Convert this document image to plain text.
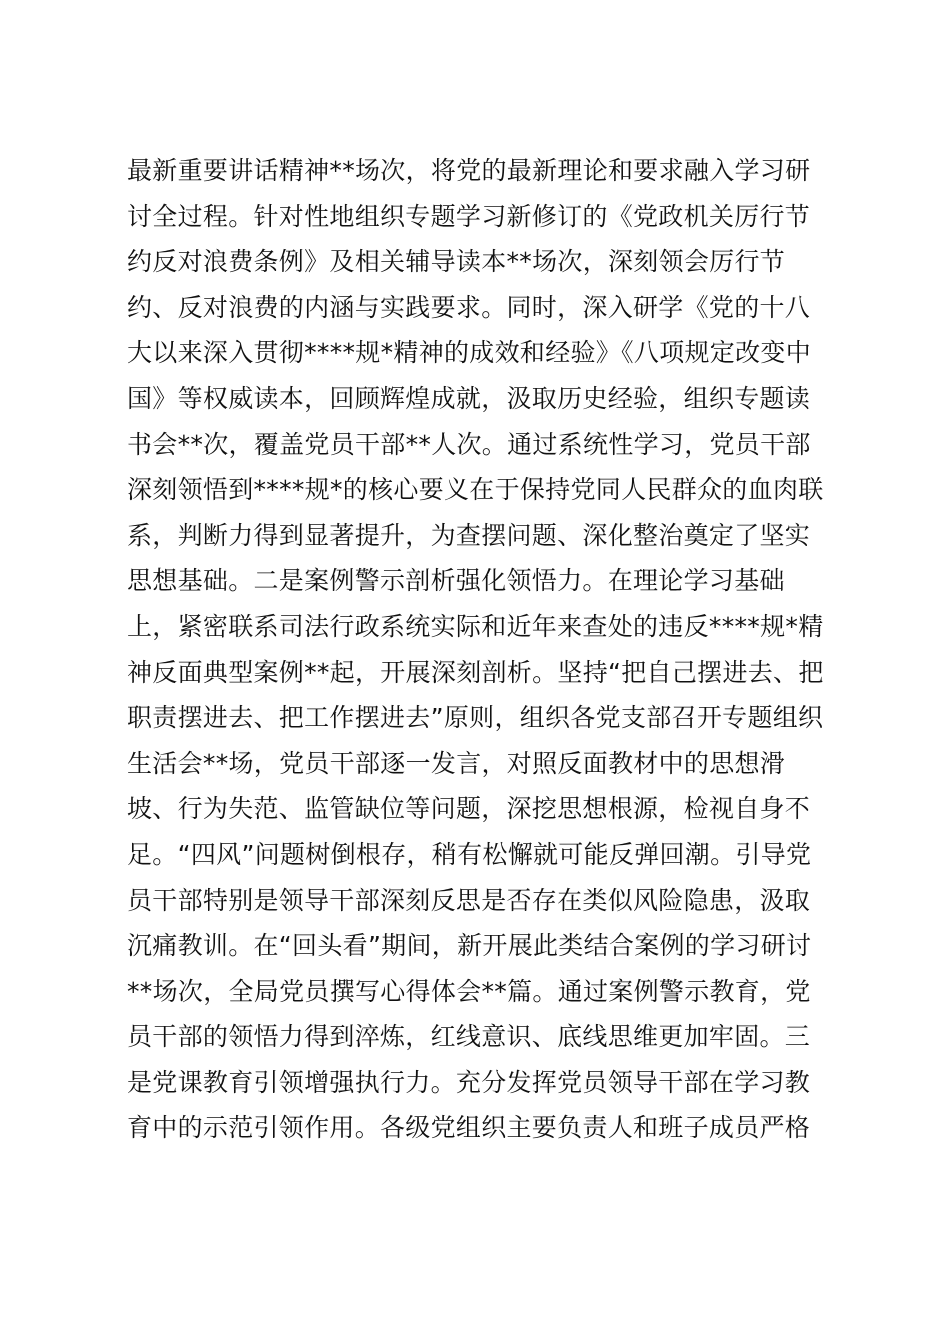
最新重要讲话精神**场次，将党的最新理论和要求融入学习研
讨全过程。针对性地组织专题学习新修订的《党政机关厉行节
约反对浪费条例》及相关辅导读本**场次，深刻领会厉行节
约、反对浪费的内涵与实践要求。同时，深入研学《党的十八
大以来深入贯彻****规*精神的成效和经验》《八项规定改变中
国》等权威读本，回顾辉煌成就，汲取历史经验，组织专题读
书会**次，覆盖党员干部**人次。通过系统性学习，党员干部
深刻领悟到****规*的核心要义在于保持党同人民群众的血肉联
系，判断力得到显著提升，为查摆问题、深化整治奠定了坚实
思想基础。二是案例警示剖析强化领悟力。在理论学习基础
上，紧密联系司法行政系统实际和近年来查处的违反****规*精
神反面典型案例**起，开展深刻剖析。坚持“把自己摆进去、把
职责摆进去、把工作摆进去”原则，组织各党支部召开专题组织
生活会**场，党员干部逐一发言，对照反面教材中的思想滑
坡、行为失范、监管缺位等问题，深挖思想根源，检视自身不
足。“四风”问题树倒根存，稍有松懈就可能反弹回潮。引导党
员干部特别是领导干部深刻反思是否存在类似风险隐患，汲取
沉痛教训。在“回头看”期间，新开展此类结合案例的学习研讨
**场次，全局党员撰写心得体会**篇。通过案例警示教育，党
员干部的领悟力得到淬炼，红线意识、底线思维更加牢固。三
是党课教育引领增强执行力。充分发挥党员领导干部在学习教
育中的示范引领作用。各级党组织主要负责人和班子成员严格
